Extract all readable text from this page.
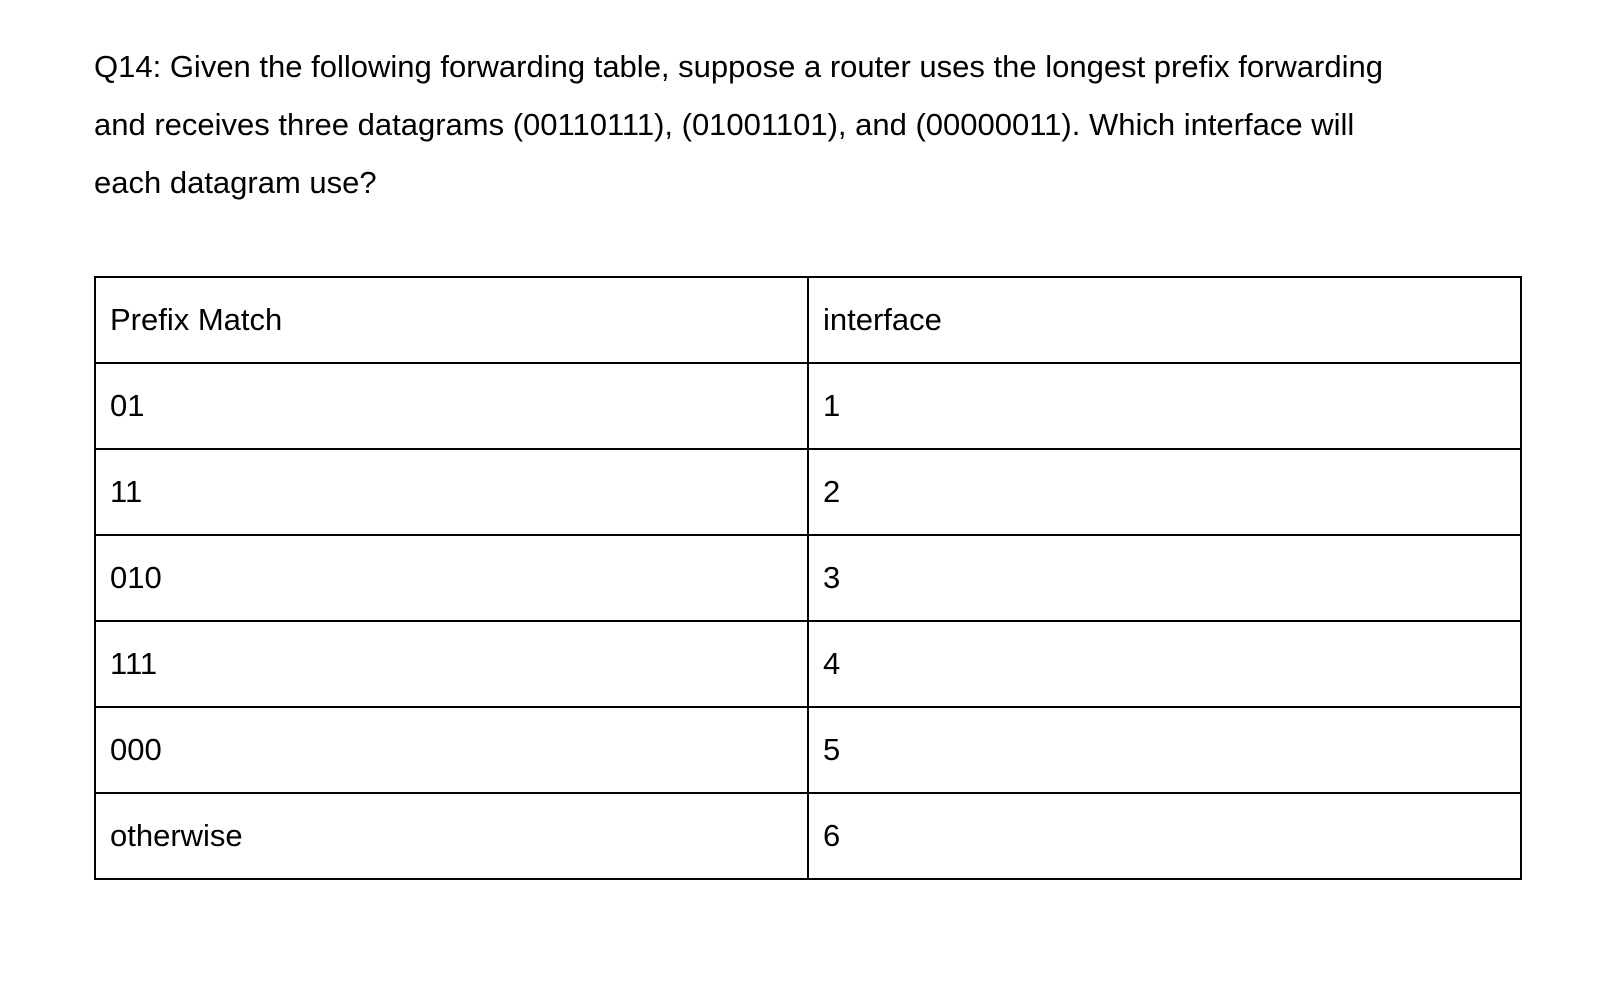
Q14: Given the following forwarding table, suppose a router uses the longest prefix forwarding
and receives three datagrams (00110111), (01001101), and (00000011). Which interface will
each datagram use?
Prefix Match	interface
01	1
11	2
010	3
111	4
000	5
otherwise	6
